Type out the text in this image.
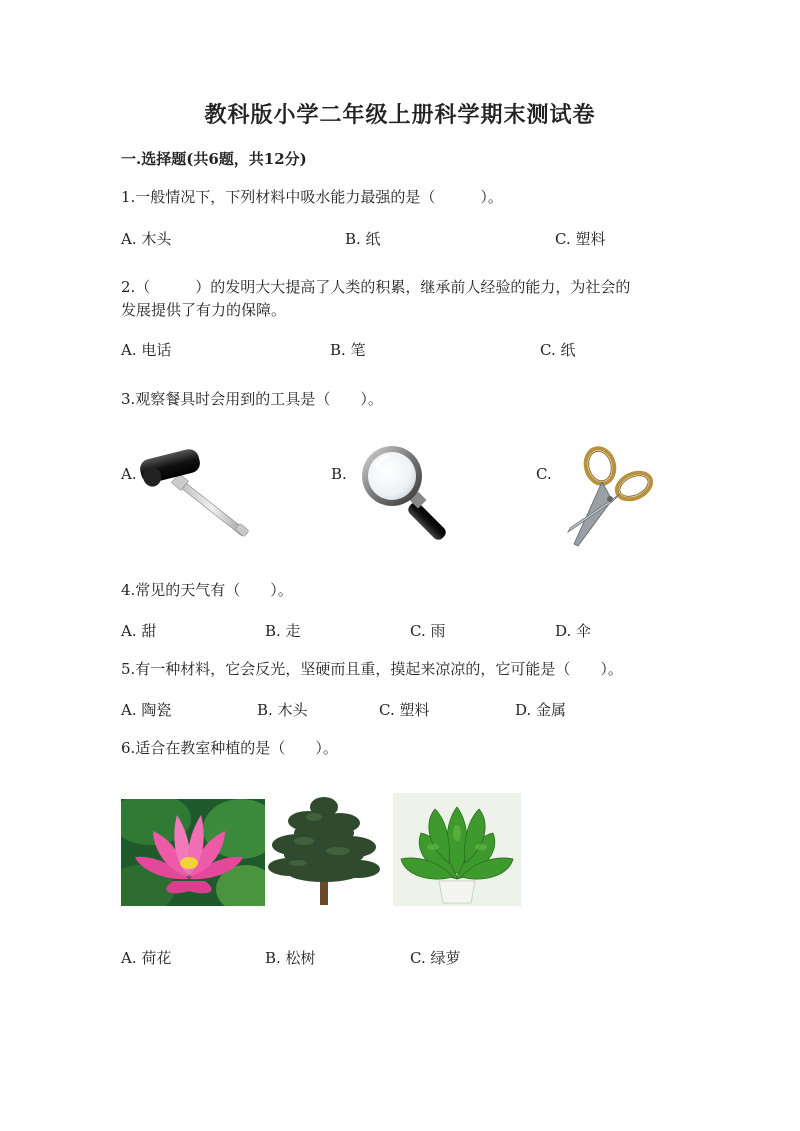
教科版小学二年级上册科学期末测试卷
一.选择题(共6题，共12分)
1.一般情况下，下列材料中吸水能力最强的是（　　　）。
A. 木头	B. 纸	C. 塑料
2.（　　　）的发明大大提高了人类的积累，继承前人经验的能力，为社会的
发展提供了有力的保障。
A. 电话	B. 笔	C. 纸
3.观察餐具时会用到的工具是（　　）。
A.	B.	C.
4.常见的天气有（　　）。
A. 甜	B. 走	C. 雨	D. 伞
5.有一种材料，它会反光，坚硬而且重，摸起来凉凉的，它可能是（　　）。
A. 陶瓷	B. 木头	C. 塑料	D. 金属
6.适合在教室种植的是（　　）。
A. 荷花	B. 松树	C. 绿萝
